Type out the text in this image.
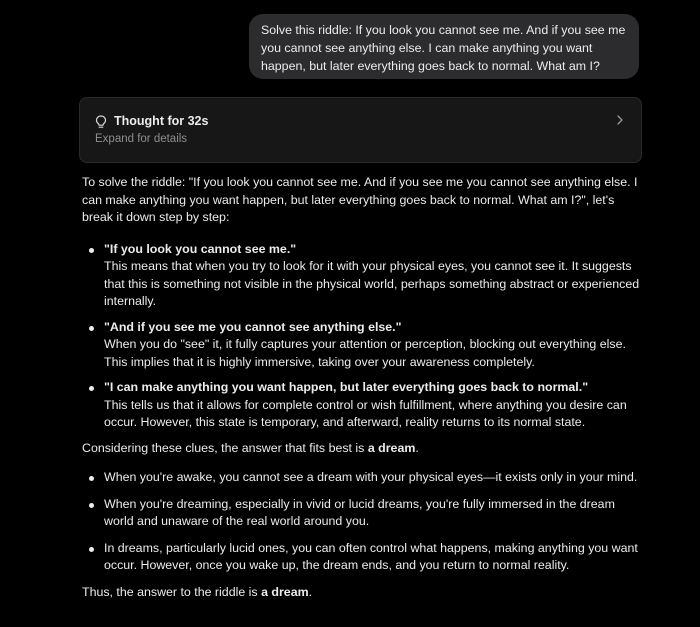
Solve this riddle: If you look you cannot see me. And if you see me you cannot see anything else. I can make anything you want happen, but later everything goes back to normal. What am I?
Thought for 32s
Expand for details

To solve the riddle: "If you look you cannot see me. And if you see me you cannot see anything else. I can make anything you want happen, but later everything goes back to normal. What am I?", let's break it down step by step:

"If you look you cannot see me."
This means that when you try to look for it with your physical eyes, you cannot see it. It suggests that this is something not visible in the physical world, perhaps something abstract or experienced internally.
"And if you see me you cannot see anything else."
When you do "see" it, it fully captures your attention or perception, blocking out everything else. This implies that it is highly immersive, taking over your awareness completely.
"I can make anything you want happen, but later everything goes back to normal."
This tells us that it allows for complete control or wish fulfillment, where anything you desire can occur. However, this state is temporary, and afterward, reality returns to its normal state.

Considering these clues, the answer that fits best is a dream.

When you're awake, you cannot see a dream with your physical eyes—it exists only in your mind.
When you're dreaming, especially in vivid or lucid dreams, you're fully immersed in the dream world and unaware of the real world around you.
In dreams, particularly lucid ones, you can often control what happens, making anything you want occur. However, once you wake up, the dream ends, and you return to normal reality.

Thus, the answer to the riddle is a dream.
